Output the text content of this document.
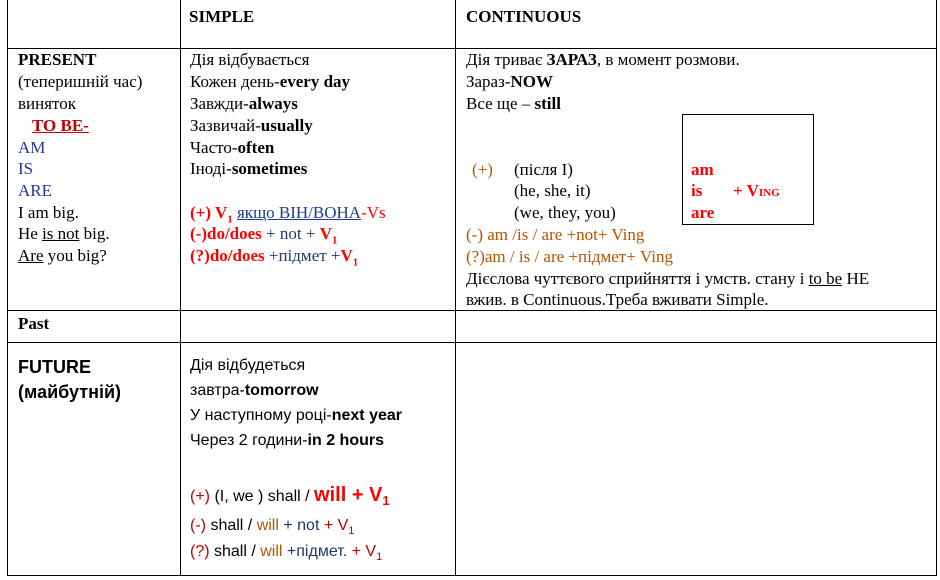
SIMPLE	CONTINUOUS
PRESENT
(теперишній час)
виняток
TO BE-
AM
IS
ARE
I am big.
He is not big.
Are you big?
Дія відбувається
Кожен день-every day
Завжди-always
Зазвичай-usually
Часто-often
Іноді-sometimes
(+) $V_1$ якщо ВІН/ВОНА-Vs
(-)do/does + not + $V_1$
(?)do/does +підмет $+V_1$
Дія триває ЗАРАЗ, в момент розмови.
Зараз-NOW
Все ще – still
(+) (після I)
(he, she, it)
(we, they, you)
am
is + VING
are
(-) am /is / are +not+ Ving
(?)am / is / are +підмет+ Ving
Дієслова чуттєвого сприйняття і умств. стану і to be НЕ
вжив. в Continuous.Треба вживати Simple.
Past
FUTURE
(майбутній)
Дія відбудеться
завтра-tomorrow
У наступному році-next year
Через 2 години-in 2 hours
(+) (I, we ) shall / will + $V_1$
(-) shall / will + not + $V_1$
(?) shall / will +підмет. + $V_1$
